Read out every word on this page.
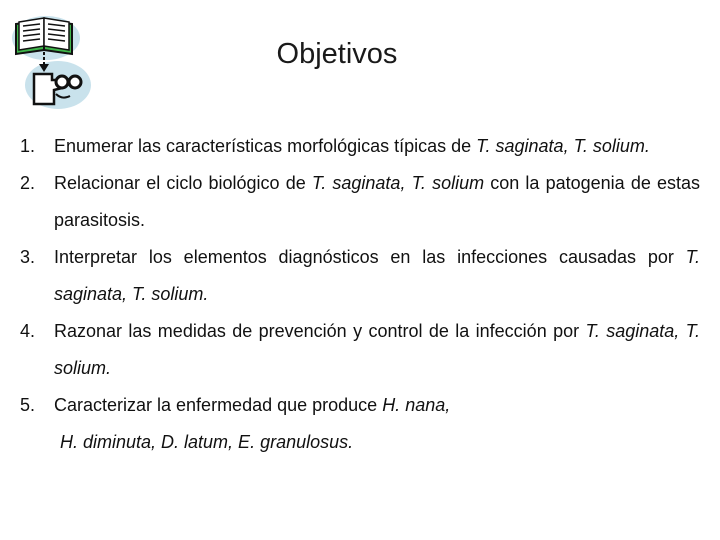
Objetivos
1. Enumerar las características morfológicas típicas de T. saginata, T. solium.
2. Relacionar el ciclo biológico de T. saginata, T. solium con la patogenia de estas parasitosis.
3. Interpretar los elementos diagnósticos en las infecciones causadas por T. saginata, T. solium.
4. Razonar las medidas de prevención y control de la infección por T. saginata, T. solium.
5. Caracterizar la enfermedad que produce H. nana,
H. diminuta, D. latum, E. granulosus.
